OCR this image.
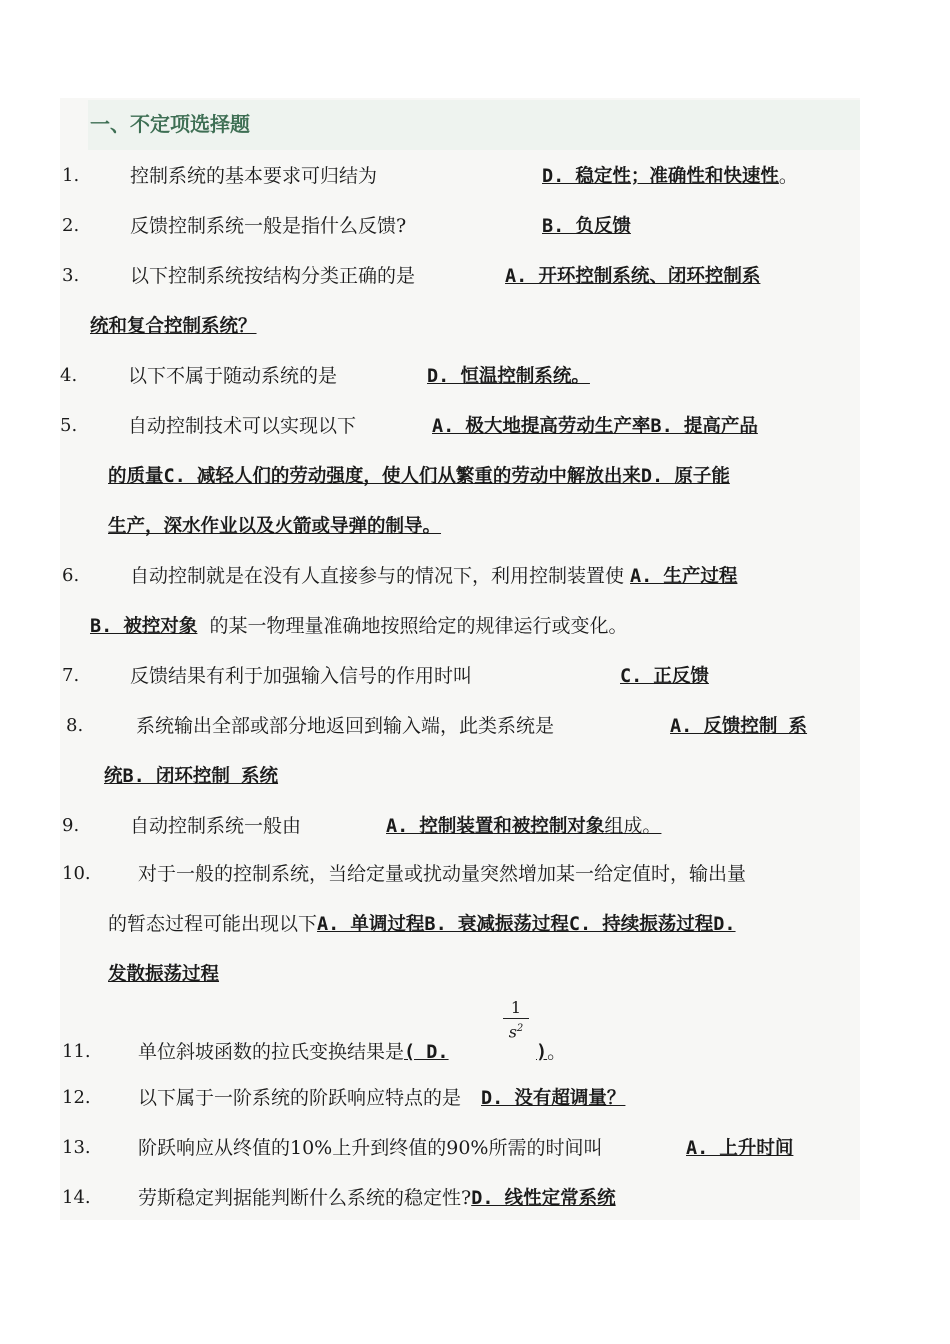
一、不定项选择题
1.	控制系统的基本要求可归结为	D. 稳定性；准确性和快速性。
2.	反馈控制系统一般是指什么反馈?	B. 负反馈
3.	以下控制系统按结构分类正确的是	A. 开环控制系统、闭环控制系
统和复合控制系统？
4.	以下不属于随动系统的是	D. 恒温控制系统。
5.	自动控制技术可以实现以下	A. 极大地提高劳动生产率B. 提高产品
的质量C. 减轻人们的劳动强度，使人们从繁重的劳动中解放出来D. 原子能
生产，深水作业以及火箭或导弹的制导。
6.	自动控制就是在没有人直接参与的情况下，利用控制装置使 A. 生产过程
B. 被控对象 的某一物理量准确地按照给定的规律运行或变化。
7.	反馈结果有利于加强输入信号的作用时叫	C. 正反馈
8.	系统输出全部或部分地返回到输入端，此类系统是	A. 反馈控制 系
统B. 闭环控制 系统
9.	自动控制系统一般由	A. 控制装置和被控制对象组成。
10. 对于一般的控制系统，当给定量或扰动量突然增加某一给定值时，输出量
的暂态过程可能出现以下A. 单调过程B. 衰减振荡过程C. 持续振荡过程D.
发散振荡过程
11. 单位斜坡函数的拉氏变换结果是( D.
$\frac{1}{s^2}$
)。
12. 以下属于一阶系统的阶跃响应特点的是 D. 没有超调量？
13. 阶跃响应从终值的10%上升到终值的90%所需的时间叫	A. 上升时间
14. 劳斯稳定判据能判断什么系统的稳定性?D. 线性定常系统
